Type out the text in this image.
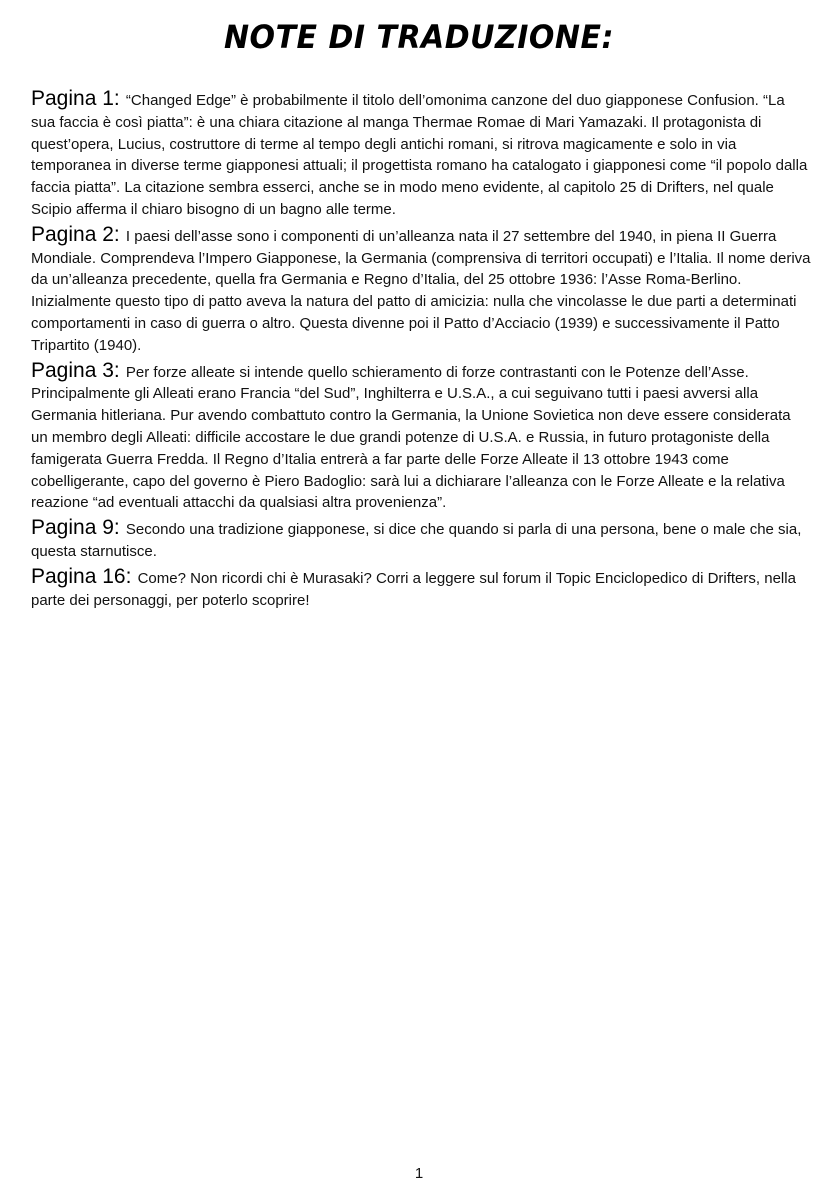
NOTE DI TRADUZIONE:

Pagina 1: “Changed Edge” è probabilmente il titolo dell’omonima canzone del duo giapponese Confusion. “La sua faccia è così piatta”: è una chiara citazione al manga Thermae Romae di Mari Yamazaki. Il protagonista di quest’opera, Lucius, costruttore di terme al tempo degli antichi romani, si ritrova magicamente e solo in via temporanea in diverse terme giapponesi attuali; il progettista romano ha catalogato i giapponesi come “il popolo dalla faccia piatta”. La citazione sembra esserci, anche se in modo meno evidente, al capitolo 25 di Drifters, nel quale Scipio afferma il chiaro bisogno di un bagno alle terme.

Pagina 2: I paesi dell’asse sono i componenti di un’alleanza nata il 27 settembre del 1940, in piena II Guerra Mondiale. Comprendeva l’Impero Giapponese, la Germania (comprensiva di territori occupati) e l’Italia. Il nome deriva da un’alleanza precedente, quella fra Germania e Regno d’Italia, del 25 ottobre 1936: l’Asse Roma-Berlino. Inizialmente questo tipo di patto aveva la natura del patto di amicizia: nulla che vincolasse le due parti a determinati comportamenti in caso di guerra o altro. Questa divenne poi il Patto d’Acciacio (1939) e successivamente il Patto Tripartito (1940).

Pagina 3: Per forze alleate si intende quello schieramento di forze contrastanti con le Potenze dell’Asse. Principalmente gli Alleati erano Francia “del Sud”, Inghilterra e U.S.A., a cui seguivano tutti i paesi avversi alla Germania hitleriana. Pur avendo combattuto contro la Germania, la Unione Sovietica non deve essere considerata un membro degli Alleati: difficile accostare le due grandi potenze di U.S.A. e Russia, in futuro protagoniste della famigerata Guerra Fredda. Il Regno d’Italia entrerà a far parte delle Forze Alleate il 13 ottobre 1943 come cobelligerante, capo del governo è Piero Badoglio: sarà lui a dichiarare l’alleanza con le Forze Alleate e la relativa reazione “ad eventuali attacchi da qualsiasi altra provenienza”.

Pagina 9: Secondo una tradizione giapponese, si dice che quando si parla di una persona, bene o male che sia, questa starnutisce.

Pagina 16: Come? Non ricordi chi è Murasaki? Corri a leggere sul forum il Topic Enciclopedico di Drifters, nella parte dei personaggi, per poterlo scoprire!

1
